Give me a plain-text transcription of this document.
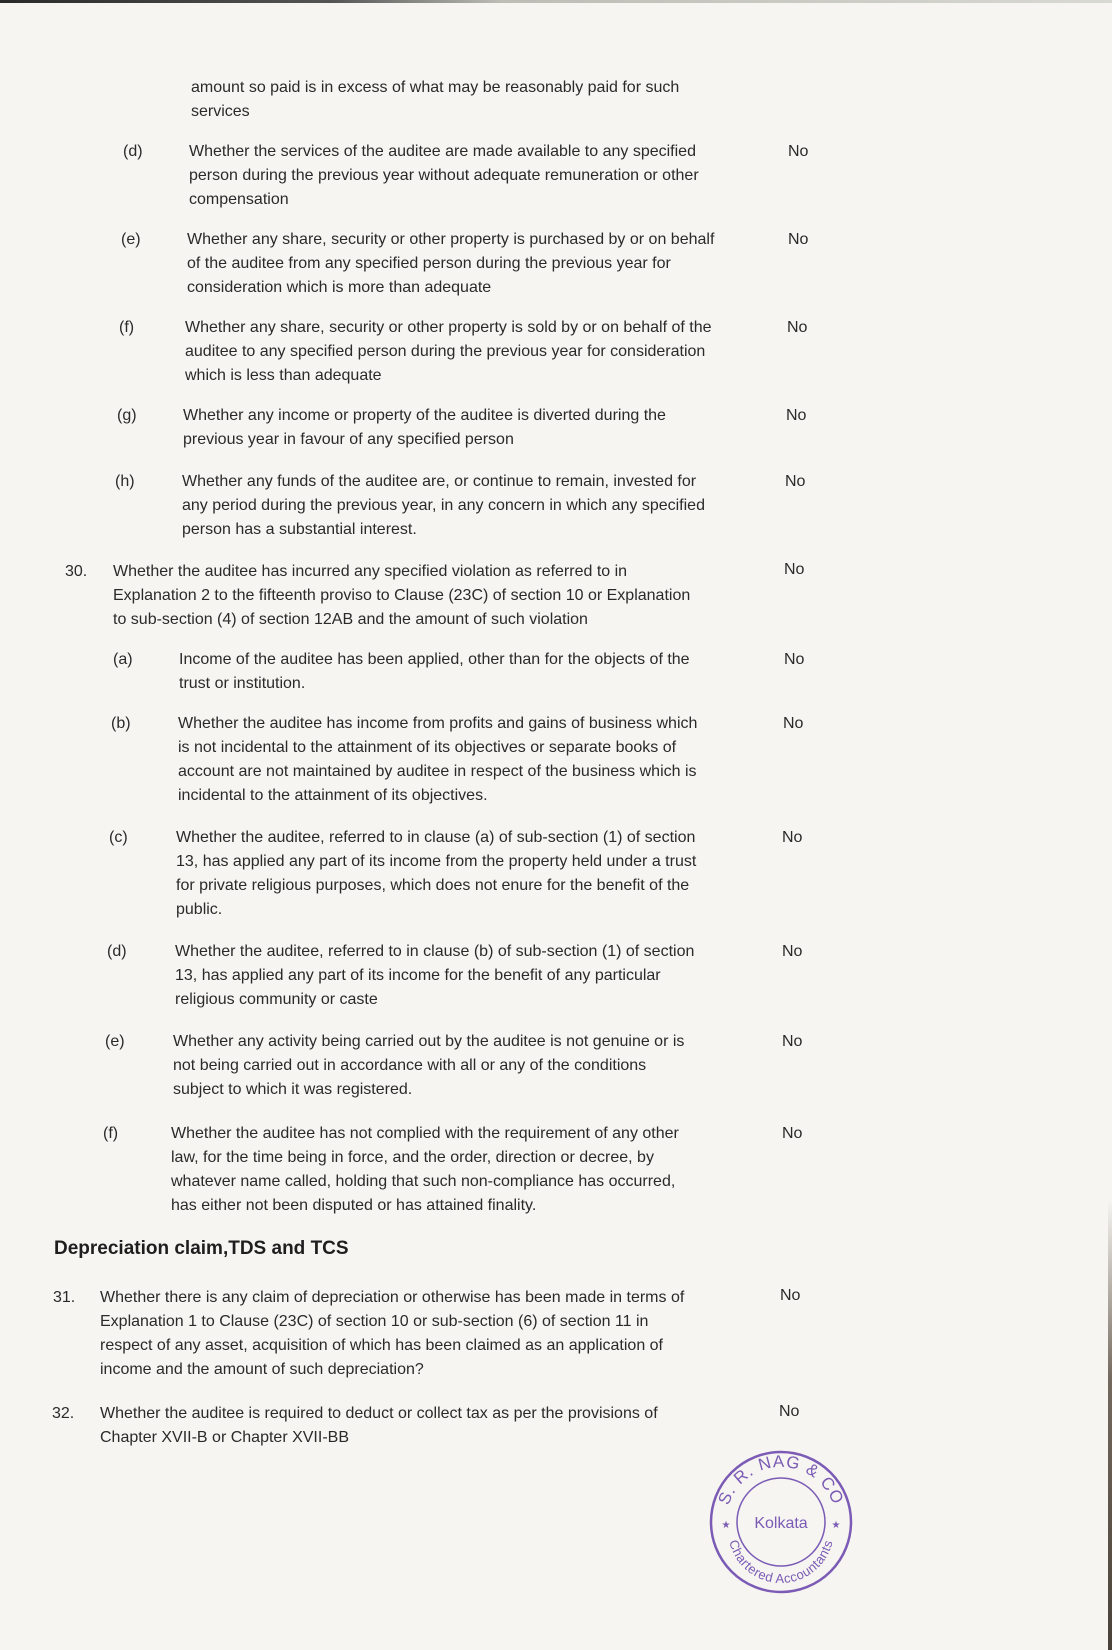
amount so paid is in excess of what may be reasonably paid for such
services
(d)	Whether the services of the auditee are made available to any specified
person during the previous year without adequate remuneration or other
compensation
No
(e)	Whether any share, security or other property is purchased by or on behalf
of the auditee from any specified person during the previous year for
consideration which is more than adequate
No
(f)	Whether any share, security or other property is sold by or on behalf of the
auditee to any specified person during the previous year for consideration
which is less than adequate
No
(g)	Whether any income or property of the auditee is diverted during the
previous year in favour of any specified person
No
(h)	Whether any funds of the auditee are, or continue to remain, invested for
any period during the previous year, in any concern in which any specified
person has a substantial interest.
No
30. Whether the auditee has incurred any specified violation as referred to in
Explanation 2 to the fifteenth proviso to Clause (23C) of section 10 or Explanation
to sub-section (4) of section 12AB and the amount of such violation
No
(a)	Income of the auditee has been applied, other than for the objects of the
trust or institution.
No
(b)	Whether the auditee has income from profits and gains of business which
is not incidental to the attainment of its objectives or separate books of
account are not maintained by auditee in respect of the business which is
incidental to the attainment of its objectives.
No
(c)	Whether the auditee, referred to in clause (a) of sub-section (1) of section
13, has applied any part of its income from the property held under a trust
for private religious purposes, which does not enure for the benefit of the
public.
No
(d)	Whether the auditee, referred to in clause (b) of sub-section (1) of section
13, has applied any part of its income for the benefit of any particular
religious community or caste
No
(e)	Whether any activity being carried out by the auditee is not genuine or is
not being carried out in accordance with all or any of the conditions
subject to which it was registered.
No
(f)	Whether the auditee has not complied with the requirement of any other
law, for the time being in force, and the order, direction or decree, by
whatever name called, holding that such non-compliance has occurred,
has either not been disputed or has attained finality.
No
Depreciation claim,TDS and TCS
31. Whether there is any claim of depreciation or otherwise has been made in terms of
Explanation 1 to Clause (23C) of section 10 or sub-section (6) of section 11 in
respect of any asset, acquisition of which has been claimed as an application of
income and the amount of such depreciation?
No
32. Whether the auditee is required to deduct or collect tax as per the provisions of
Chapter XVII-B or Chapter XVII-BB
No
S. R. NAG & CO
Chartered Accountants
Kolkata
★	★
